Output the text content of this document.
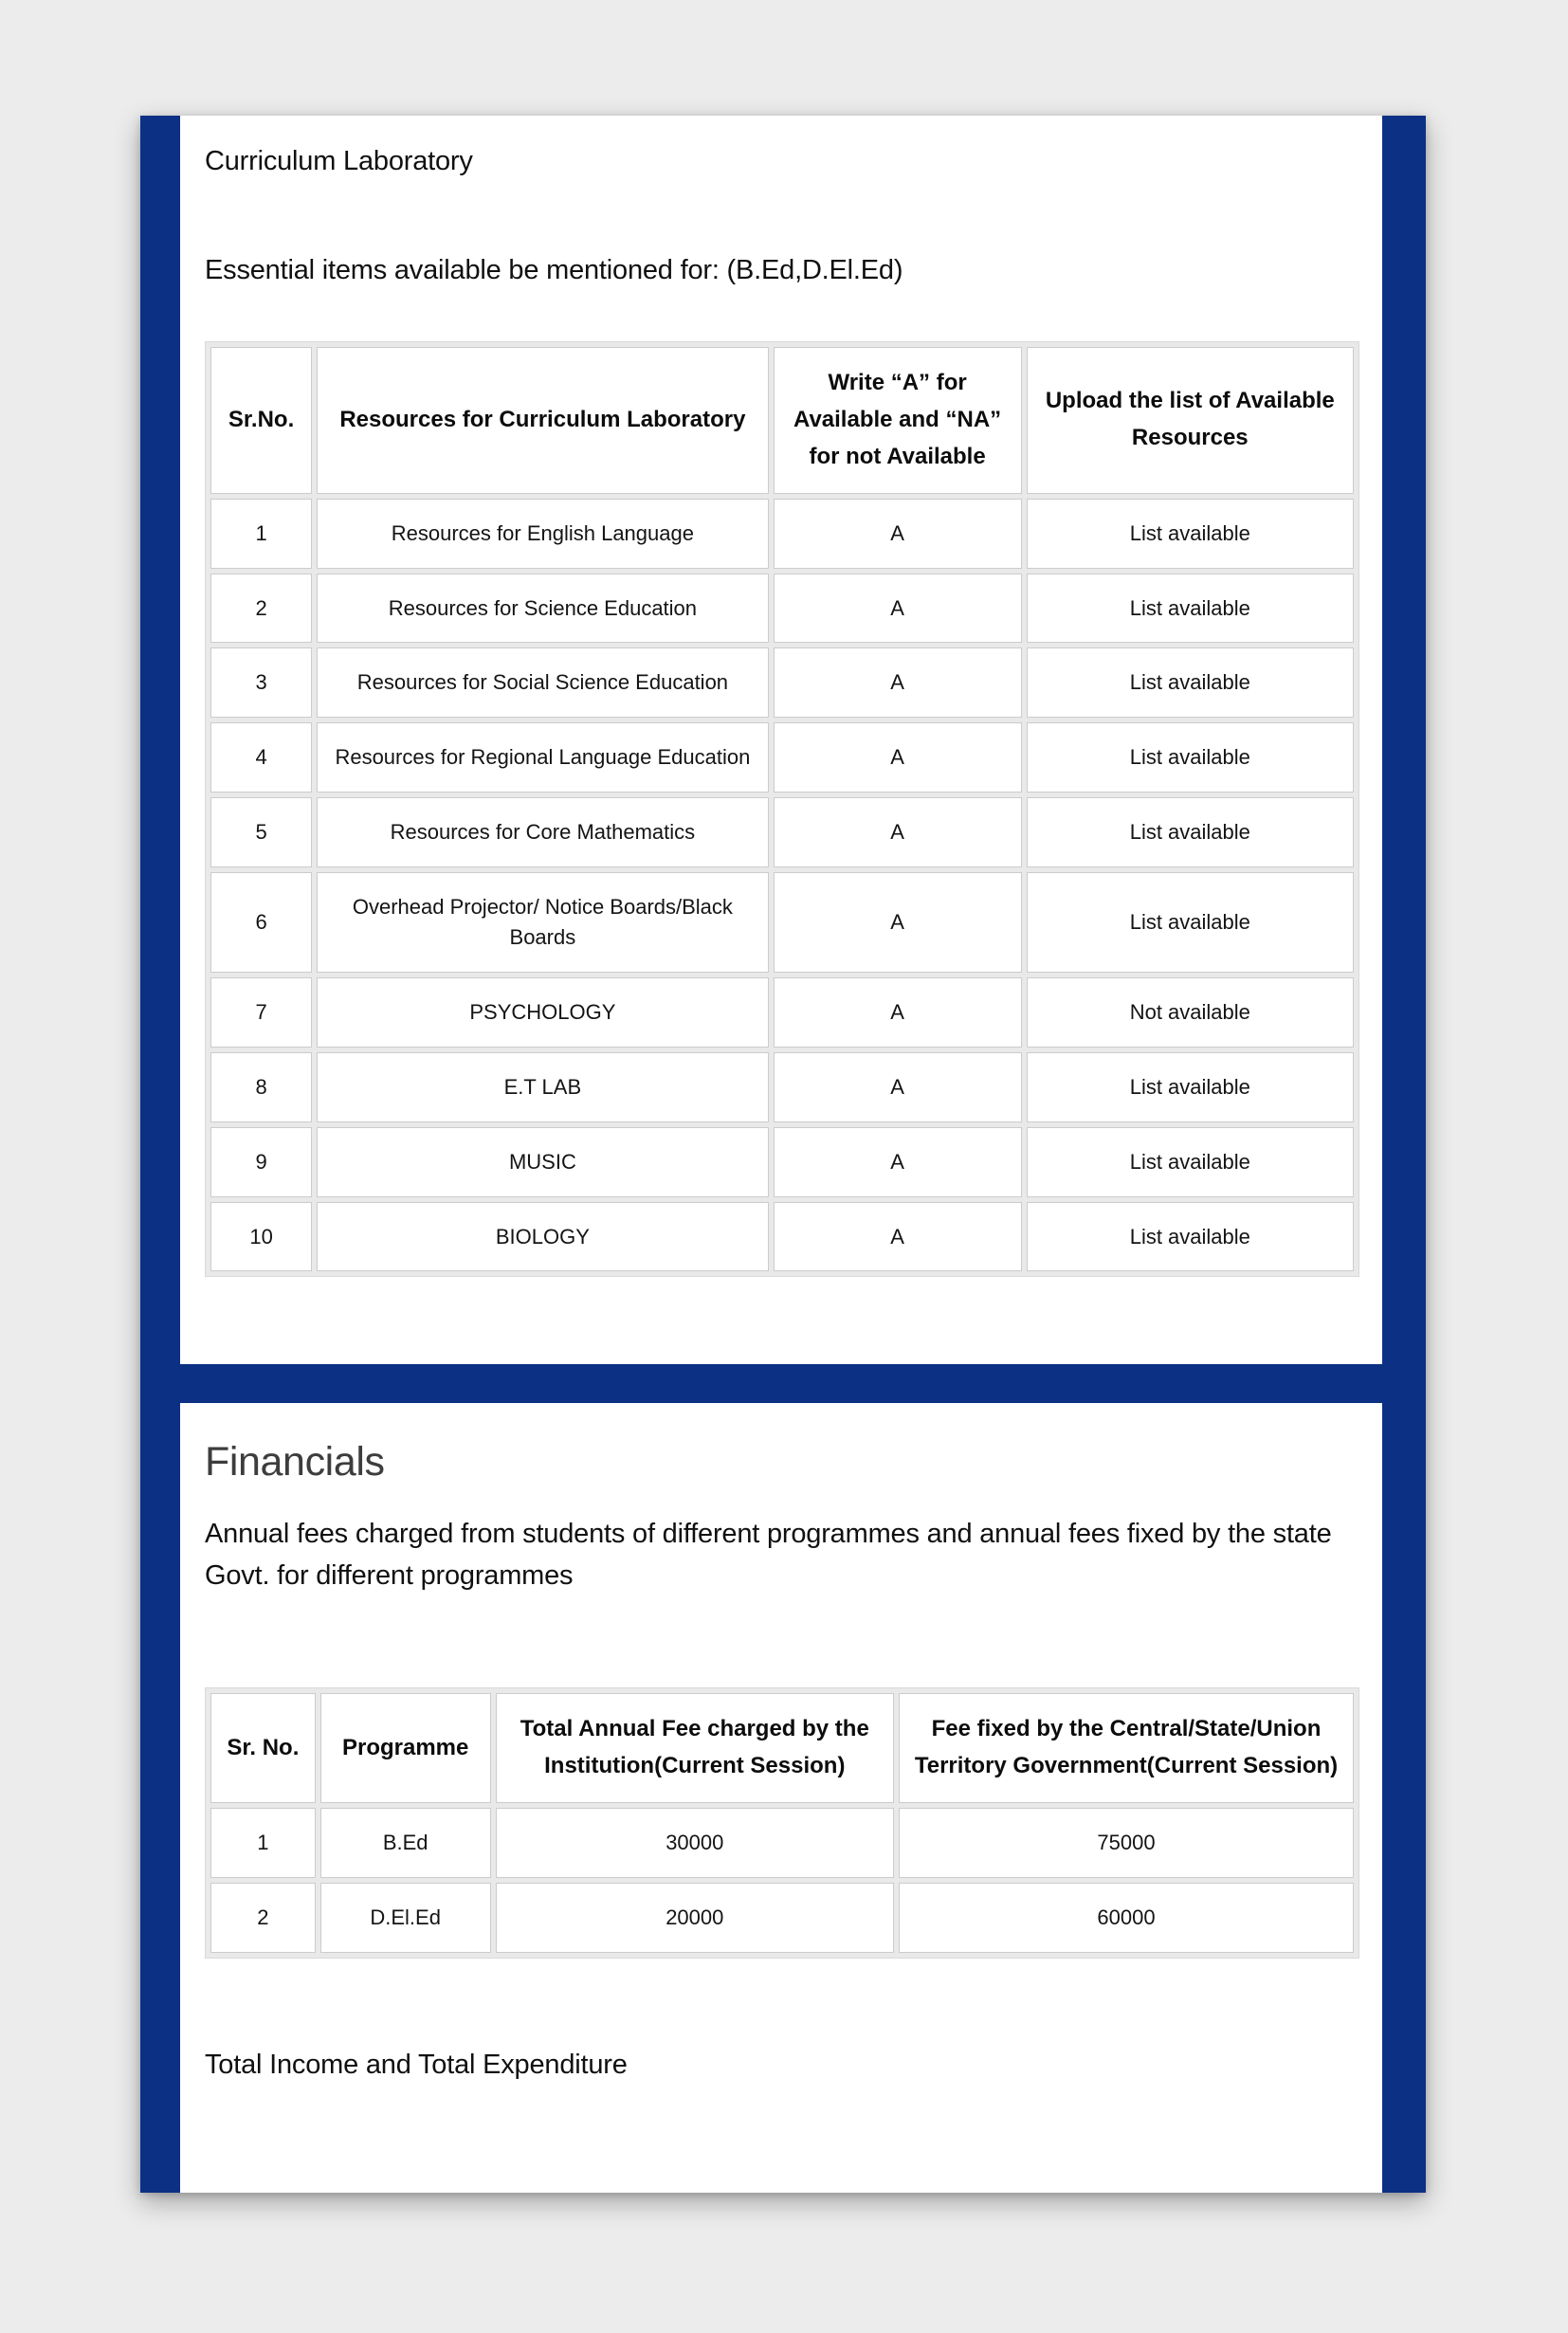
Curriculum Laboratory

Essential items available be mentioned for: (B.Ed,D.El.Ed)

Sr.No.	Resources for Curriculum Laboratory	Write “A” for Available and “NA” for not Available	Upload the list of Available Resources
1	Resources for English Language	A	List available
2	Resources for Science Education	A	List available
3	Resources for Social Science Education	A	List available
4	Resources for Regional Language Education	A	List available
5	Resources for Core Mathematics	A	List available
6	Overhead Projector/ Notice Boards/Black Boards	A	List available
7	PSYCHOLOGY	A	Not available
8	E.T LAB	A	List available
9	MUSIC	A	List available
10	BIOLOGY	A	List available
Financials

Annual fees charged from students of different programmes and annual fees fixed by the state Govt. for different programmes

Sr. No.	Programme	Total Annual Fee charged by the Institution(Current Session)	Fee fixed by the Central/State/Union Territory Government(Current Session)
1	B.Ed	30000	75000
2	D.El.Ed	20000	60000

Total Income and Total Expenditure
